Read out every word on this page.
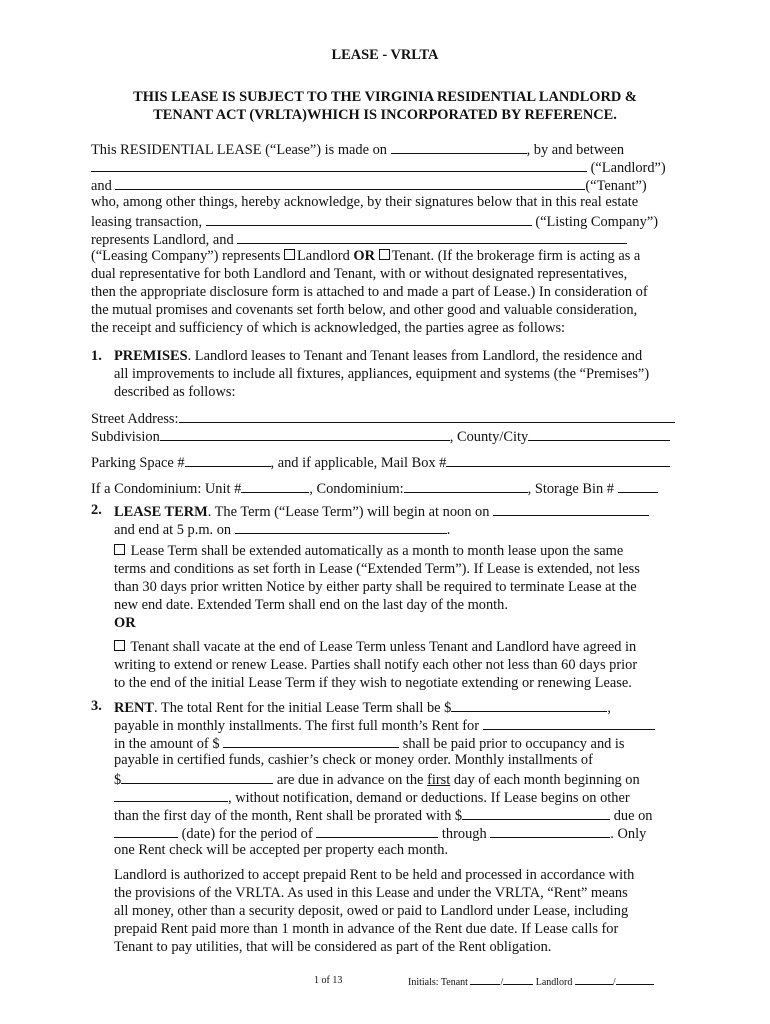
LEASE - VRLTA
THIS LEASE IS SUBJECT TO THE VIRGINIA RESIDENTIAL LANDLORD &
TENANT ACT (VRLTA)WHICH IS INCORPORATED BY REFERENCE.
This RESIDENTIAL LEASE (“Lease”) is made on	, by and between
(“Landlord”)
and	(“Tenant”)
who, among other things, hereby acknowledge, by their signatures below that in this real estate
leasing transaction,	(“Listing Company”)
represents Landlord, and
(“Leasing Company”) represents Landlord OR Tenant. (If the brokerage firm is acting as a
dual representative for both Landlord and Tenant, with or without designated representatives,
then the appropriate disclosure form is attached to and made a part of Lease.) In consideration of
the mutual promises and covenants set forth below, and other good and valuable consideration,
the receipt and sufficiency of which is acknowledged, the parties agree as follows:
1. PREMISES. Landlord leases to Tenant and Tenant leases from Landlord, the residence and
all improvements to include all fixtures, appliances, equipment and systems (the “Premises”)
described as follows:
Street Address:
Subdivision	, County/City
Parking Space #	, and if applicable, Mail Box #
If a Condominium: Unit #	, Condominium:	, Storage Bin #
2. LEASE TERM. The Term (“Lease Term”) will begin at noon on
and end at 5 p.m. on	.
Lease Term shall be extended automatically as a month to month lease upon the same
terms and conditions as set forth in Lease (“Extended Term”). If Lease is extended, not less
than 30 days prior written Notice by either party shall be required to terminate Lease at the
new end date. Extended Term shall end on the last day of the month.
OR
Tenant shall vacate at the end of Lease Term unless Tenant and Landlord have agreed in
writing to extend or renew Lease. Parties shall notify each other not less than 60 days prior
to the end of the initial Lease Term if they wish to negotiate extending or renewing Lease.
3. RENT. The total Rent for the initial Lease Term shall be $	,
payable in monthly installments. The first full month’s Rent for
in the amount of $	shall be paid prior to occupancy and is
payable in certified funds, cashier’s check or money order. Monthly installments of
$	are due in advance on the first day of each month beginning on
, without notification, demand or deductions. If Lease begins on other
than the first day of the month, Rent shall be prorated with $	due on
(date) for the period of	through	. Only
one Rent check will be accepted per property each month.
Landlord is authorized to accept prepaid Rent to be held and processed in accordance with
the provisions of the VRLTA. As used in this Lease and under the VRLTA, “Rent” means
all money, other than a security deposit, owed or paid to Landlord under Lease, including
prepaid Rent paid more than 1 month in advance of the Rent due date. If Lease calls for
Tenant to pay utilities, that will be considered as part of the Rent obligation.
1 of 13	Initials: Tenant	/	Landlord	/
